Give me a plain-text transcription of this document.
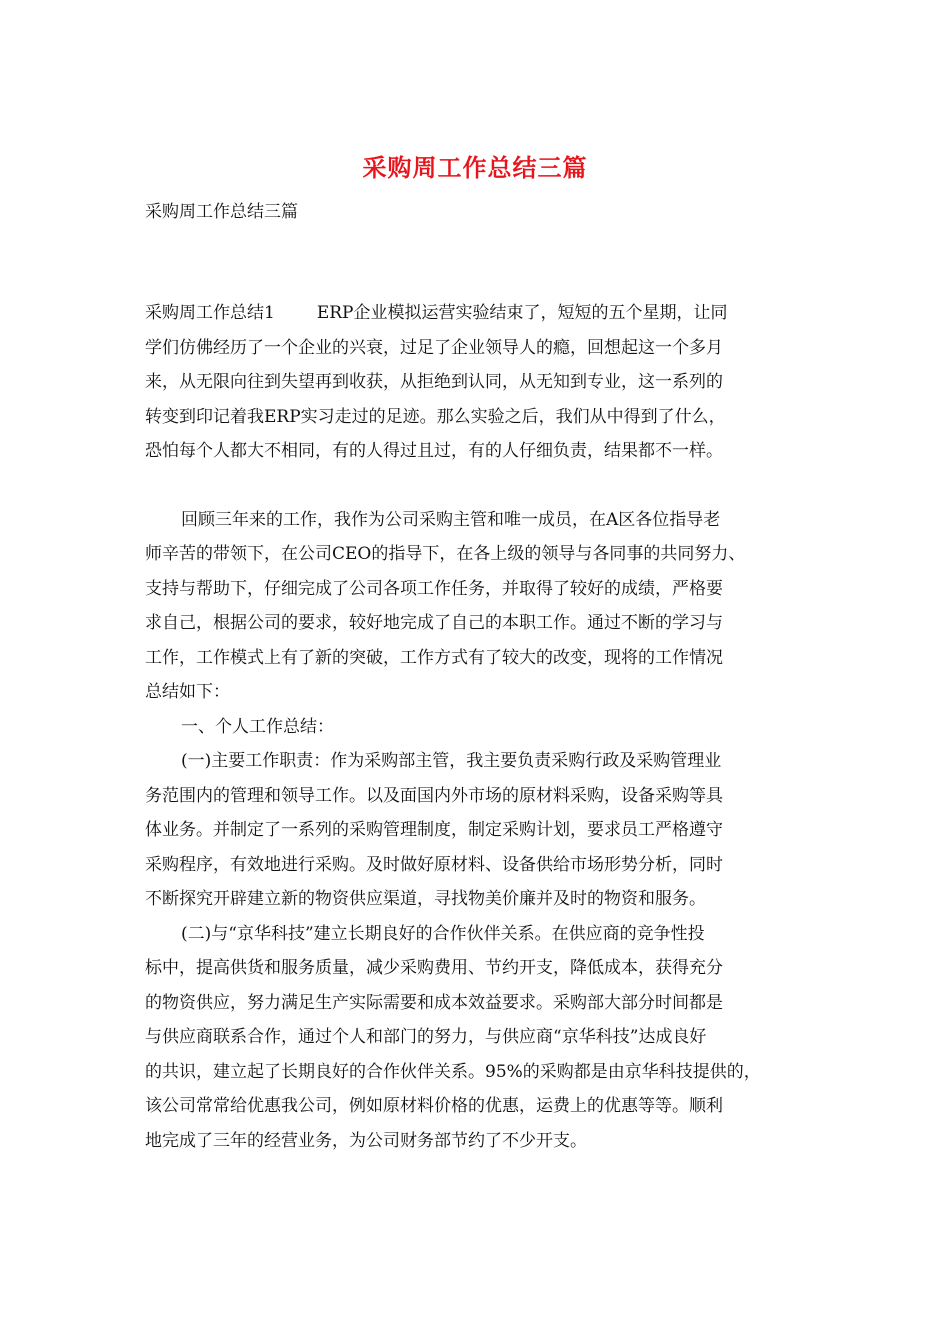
采购周工作总结三篇
采购周工作总结三篇
采购周工作总结1 ERP企业模拟运营实验结束了，短短的五个星期，让同
学们仿佛经历了一个企业的兴衰，过足了企业领导人的瘾，回想起这一个多月
来，从无限向往到失望再到收获，从拒绝到认同，从无知到专业，这一系列的
转变到印记着我ERP实习走过的足迹。那么实验之后，我们从中得到了什么，
恐怕每个人都大不相同，有的人得过且过，有的人仔细负责，结果都不一样。
回顾三年来的工作，我作为公司采购主管和唯一成员，在A区各位指导老
师辛苦的带领下，在公司CEO的指导下，在各上级的领导与各同事的共同努力、
支持与帮助下，仔细完成了公司各项工作任务，并取得了较好的成绩，严格要
求自己，根据公司的要求，较好地完成了自己的本职工作。通过不断的学习与
工作，工作模式上有了新的突破，工作方式有了较大的改变，现将的工作情况
总结如下：
一、个人工作总结：
(一)主要工作职责：作为采购部主管，我主要负责采购行政及采购管理业
务范围内的管理和领导工作。以及面国内外市场的原材料采购，设备采购等具
体业务。并制定了一系列的采购管理制度，制定采购计划，要求员工严格遵守
采购程序，有效地进行采购。及时做好原材料、设备供给市场形势分析，同时
不断探究开辟建立新的物资供应渠道，寻找物美价廉并及时的物资和服务。
(二)与“京华科技”建立长期良好的合作伙伴关系。在供应商的竞争性投
标中，提高供货和服务质量，减少采购费用、节约开支，降低成本，获得充分
的物资供应，努力满足生产实际需要和成本效益要求。采购部大部分时间都是
与供应商联系合作，通过个人和部门的努力，与供应商“京华科技”达成良好
的共识，建立起了长期良好的合作伙伴关系。95%的采购都是由京华科技提供的，
该公司常常给优惠我公司，例如原材料价格的优惠，运费上的优惠等等。顺利
地完成了三年的经营业务，为公司财务部节约了不少开支。
